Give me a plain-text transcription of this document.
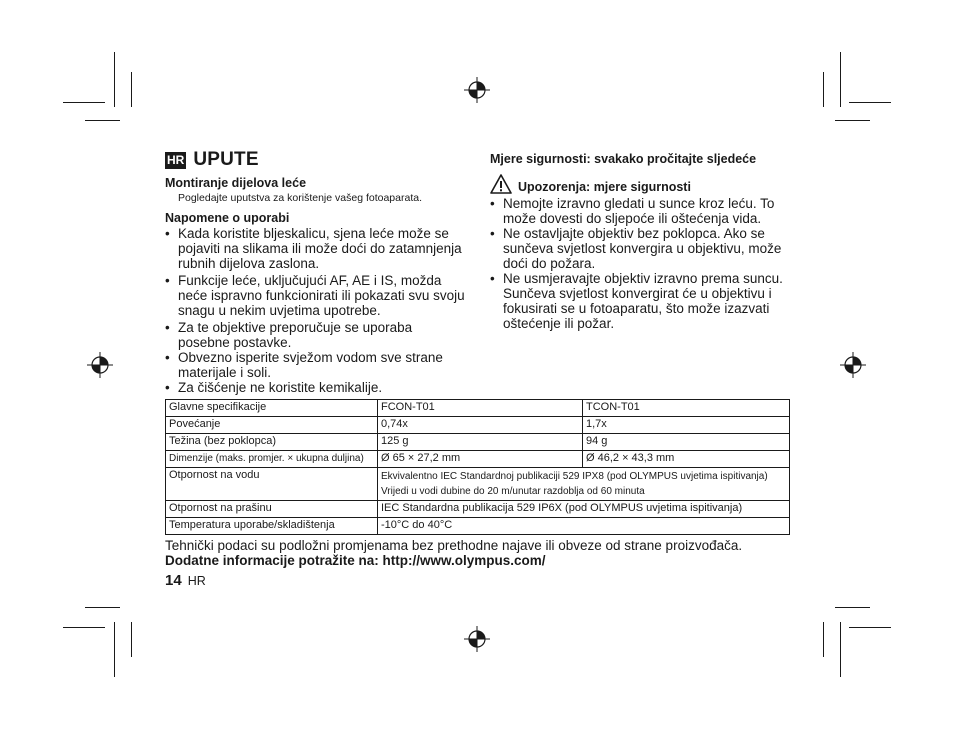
HR UPUTE
Montiranje dijelova leće
Pogledajte uputstva za korištenje vašeg fotoaparata.
Napomene o uporabi
• Kada koristite bljeskalicu, sjena leće može se pojaviti na slikama ili može doći do zatamnjenja rubnih dijelova zaslona.
• Funkcije leće, uključujući AF, AE i IS, možda neće ispravno funkcionirati ili pokazati svu svoju snagu u nekim uvjetima upotrebe.
• Za te objektive preporučuje se uporaba posebne postavke.
• Obvezno isperite svježom vodom sve strane materijale i soli.
• Za čišćenje ne koristite kemikalije.
Mjere sigurnosti: svakako pročitajte sljedeće
Upozorenja: mjere sigurnosti
• Nemojte izravno gledati u sunce kroz leću. To može dovesti do sljepoće ili oštećenja vida.
• Ne ostavljajte objektiv bez poklopca. Ako se sunčeva svjetlost konvergira u objektivu, može doći do požara.
• Ne usmjeravajte objektiv izravno prema suncu. Sunčeva svjetlost konvergirat će u objektivu i fokusirati se u fotoaparatu, što može izazvati oštećenje ili požar.
Glavne specifikacije	FCON-T01	TCON-T01
Povećanje	0,74x	1,7x
Težina (bez poklopca)	125 g	94 g
Dimenzije (maks. promjer. × ukupna duljina)	Ø 65 × 27,2 mm	Ø 46,2 × 43,3 mm
Otpornost na vodu	Ekvivalentno IEC Standardnoj publikaciji 529 IPX8 (pod OLYMPUS uvjetima ispitivanja)
Vrijedi u vodi dubine do 20 m/unutar razdoblja od 60 minuta	

Otpornost na prašinu	IEC Standardna publikacija 529 IP6X (pod OLYMPUS uvjetima ispitivanja)	
Temperatura uporabe/skladištenja	-10°C do 40°C	
Tehnički podaci su podložni promjenama bez prethodne najave ili obveze od strane proizvođača.
Dodatne informacije potražite na: http://www.olympus.com/
14 HR
